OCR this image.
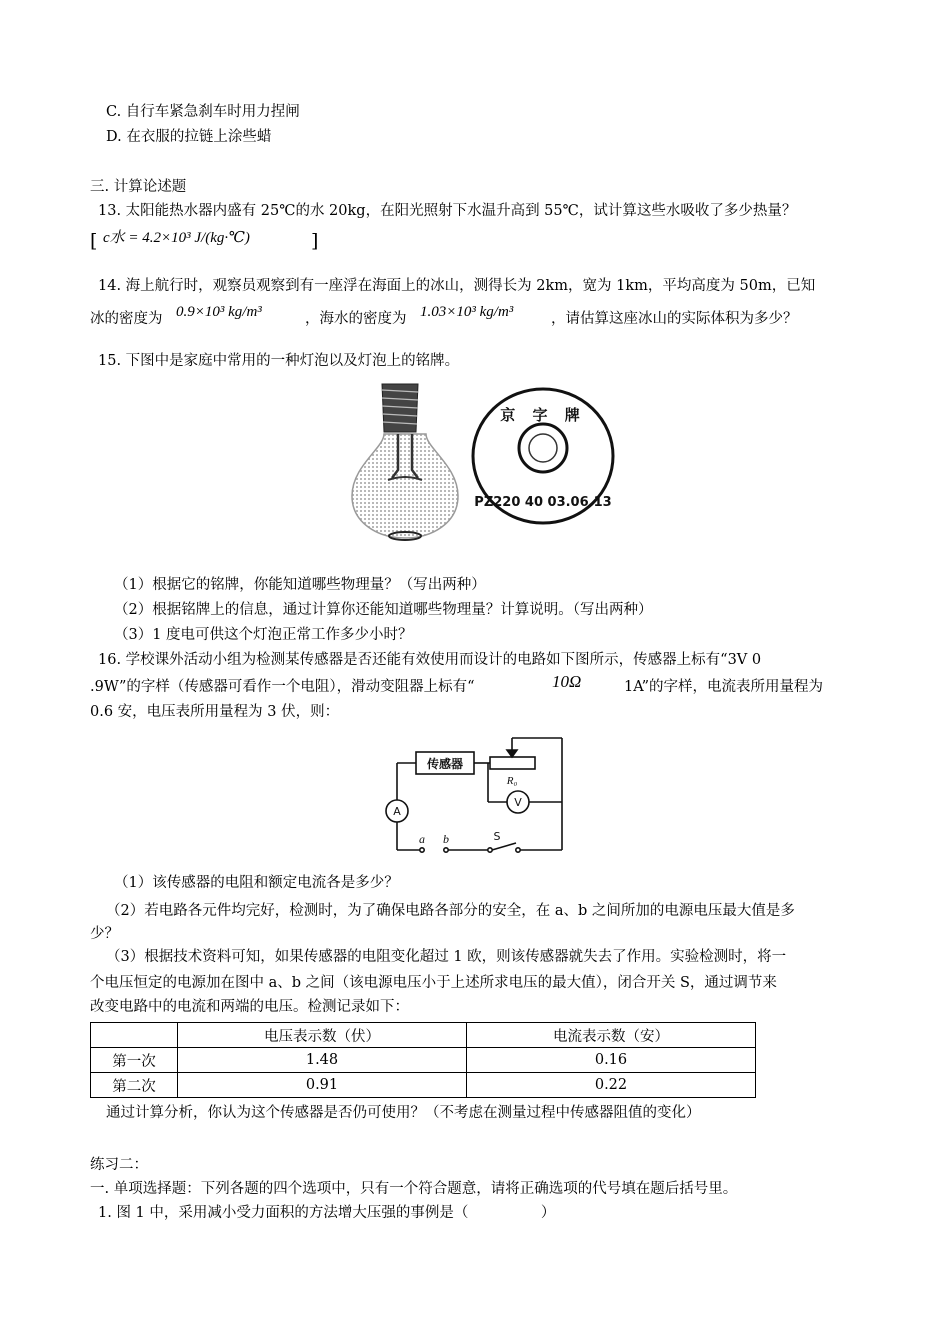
C. 自行车紧急刹车时用力捏闸
D. 在衣服的拉链上涂些蜡
三. 计算论述题
13. 太阳能热水器内盛有 25℃的水 20kg，在阳光照射下水温升高到 55℃，试计算这些水吸收了多少热量？
[ c水 = 4.2×10³ J/(kg·℃)	]
14. 海上航行时，观察员观察到有一座浮在海面上的冰山，测得长为 2km，宽为 1km，平均高度为 50m，已知
冰的密度为 0.9×10³ kg/m³	，海水的密度为 1.03×10³ kg/m³	，请估算这座冰山的实际体积为多少？
15. 下图中是家庭中常用的一种灯泡以及灯泡上的铭牌。
京 字 牌
PZ220 40 03.06.13
（1）根据它的铭牌，你能知道哪些物理量？（写出两种）
（2）根据铭牌上的信息，通过计算你还能知道哪些物理量？计算说明。（写出两种）
（3）1 度电可供这个灯泡正常工作多少小时？
16. 学校课外活动小组为检测某传感器是否还能有效使用而设计的电路如下图所示，传感器上标有“3V 0
.9W”的字样（传感器可看作一个电阻），滑动变阻器上标有“	10Ω	1A”的字样，电流表所用量程为
0.6 安，电压表所用量程为 3 伏，则：
传感器
R₀
V
A
a b	S
（1）该传感器的电阻和额定电流各是多少？
（2）若电路各元件均完好，检测时，为了确保电路各部分的安全，在 a、b 之间所加的电源电压最大值是多
少？
（3）根据技术资料可知，如果传感器的电阻变化超过 1 欧，则该传感器就失去了作用。实验检测时，将一
个电压恒定的电源加在图中 a、b 之间（该电源电压小于上述所求电压的最大值），闭合开关 S，通过调节来
改变电路中的电流和两端的电压。检测记录如下：
	电压表示数（伏）	电流表示数（安）
第一次	1.48	0.16
第二次	0.91	0.22
通过计算分析，你认为这个传感器是否仍可使用？（不考虑在测量过程中传感器阻值的变化）
练习二：
一. 单项选择题：下列各题的四个选项中，只有一个符合题意，请将正确选项的代号填在题后括号里。
1. 图 1 中，采用减小受力面积的方法增大压强的事例是（　　　　　）
